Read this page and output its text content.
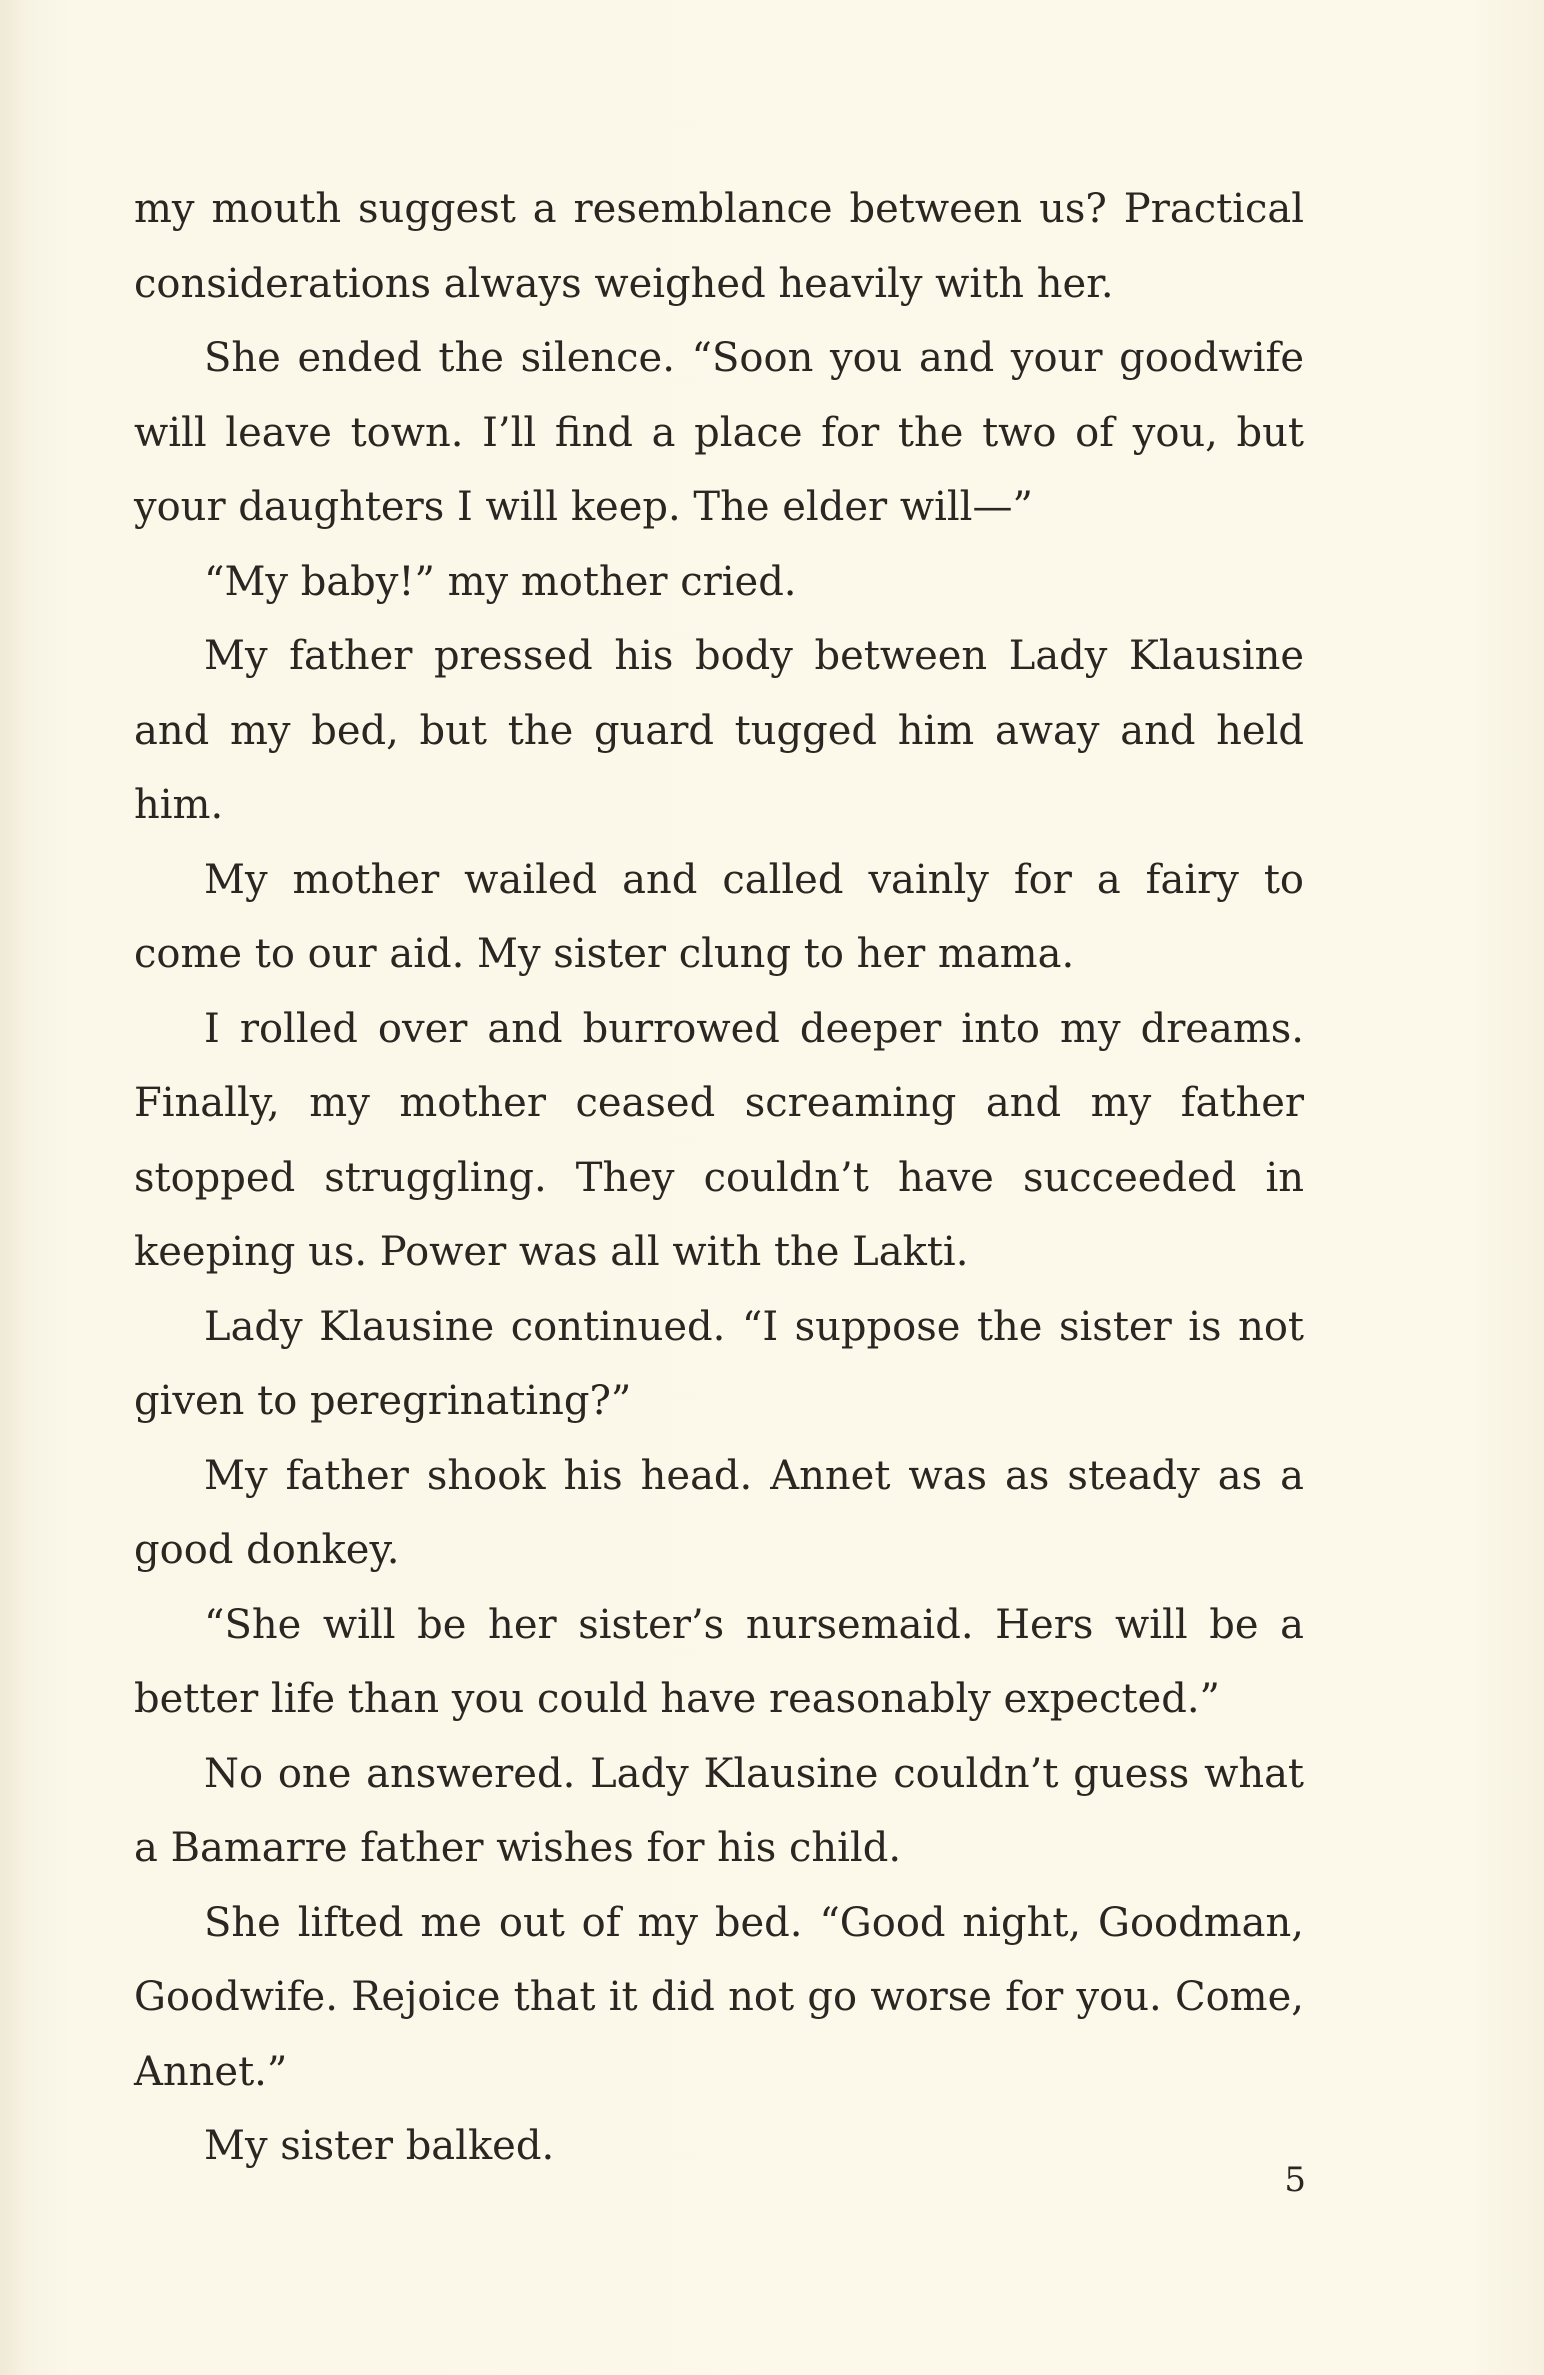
my mouth suggest a resemblance between us? Practical considerations always weighed heavily with her.

She ended the silence. “Soon you and your goodwife will leave town. I’ll find a place for the two of you, but your daughters I will keep. The elder will—”

“My baby!” my mother cried.

My father pressed his body between Lady Klausine and my bed, but the guard tugged him away and held him.

My mother wailed and called vainly for a fairy to come to our aid. My sister clung to her mama.

I rolled over and burrowed deeper into my dreams. Finally, my mother ceased screaming and my father stopped struggling. They couldn’t have succeeded in keeping us. Power was all with the Lakti.

Lady Klausine continued. “I suppose the sister is not given to peregrinating?”

My father shook his head. Annet was as steady as a good donkey.

“She will be her sister’s nursemaid. Hers will be a better life than you could have reasonably expected.”

No one answered. Lady Klausine couldn’t guess what a Bamarre father wishes for his child.

She lifted me out of my bed. “Good night, Goodman, Goodwife. Rejoice that it did not go worse for you. Come, Annet.”

My sister balked.

5
